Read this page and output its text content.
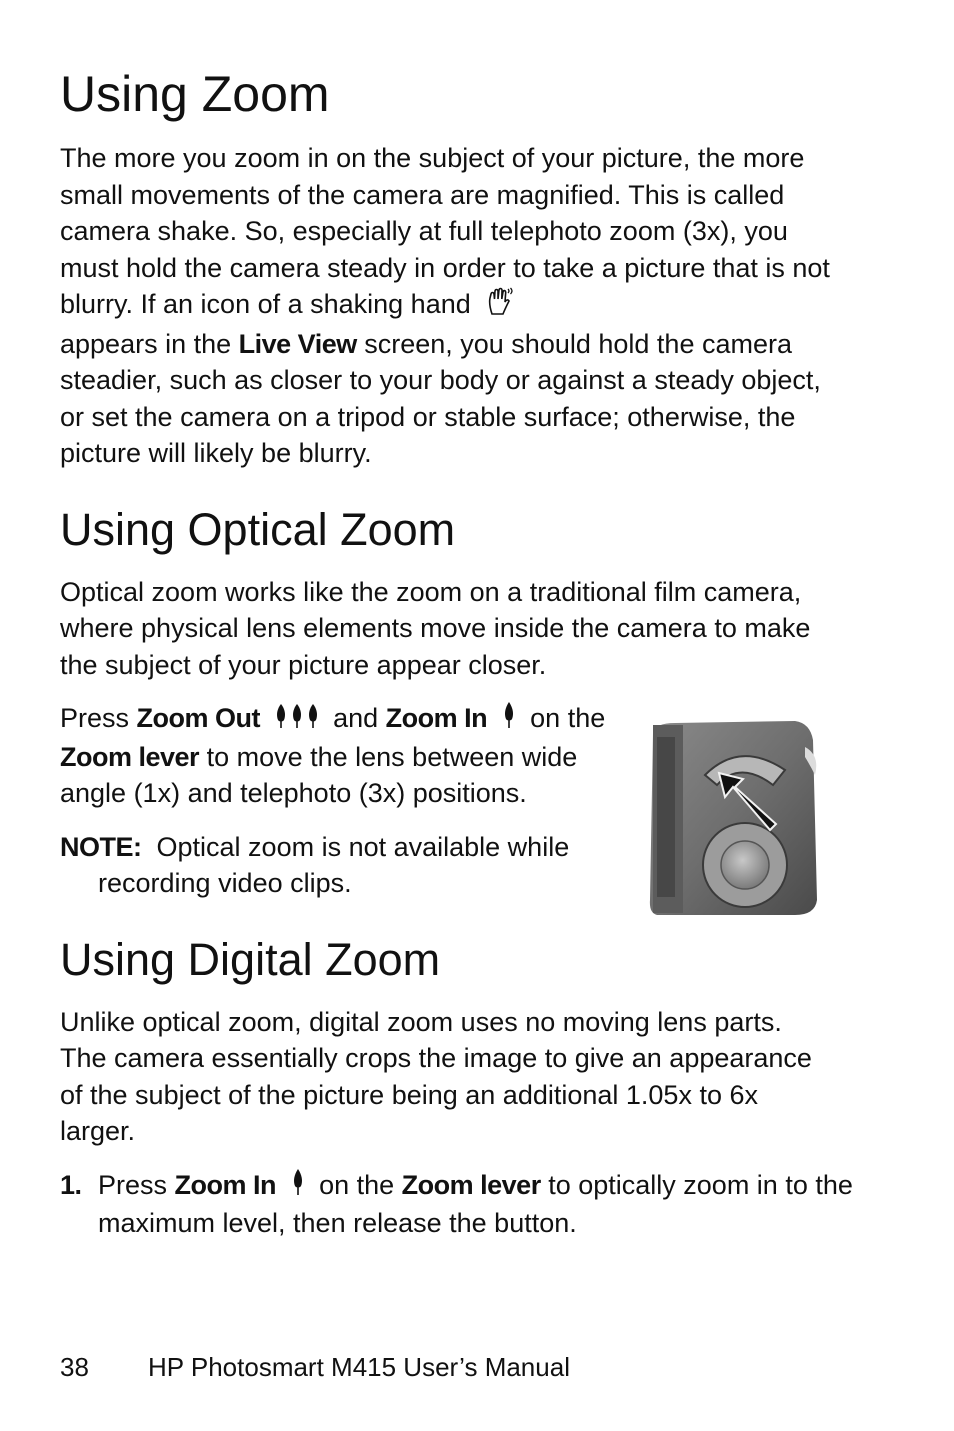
Using Zoom

The more you zoom in on the subject of your picture, the more small movements of the camera are magnified. This is called camera shake. So, especially at full telephoto zoom (3x), you must hold the camera steady in order to take a picture that is not blurry. If an icon of a shaking hand
appears in the Live View screen, you should hold the camera steadier, such as closer to your body or against a steady object, or set the camera on a tripod or stable surface; otherwise, the picture will likely be blurry.

Using Optical Zoom

Optical zoom works like the zoom on a traditional film camera, where physical lens elements move inside the camera to make the subject of your picture appear closer.

Press Zoom Out	and Zoom In on the Zoom lever to move the lens between wide angle (1x) and telephoto (3x) positions.

NOTE: Optical zoom is not available while recording video clips.

Using Digital Zoom

Unlike optical zoom, digital zoom uses no moving lens parts. The camera essentially crops the image to give an appearance of the subject of the picture being an additional 1.05x to 6x larger.

1. Press Zoom In on the Zoom lever to optically zoom in to the maximum level, then release the button.

38 HP Photosmart M415 User’s Manual
